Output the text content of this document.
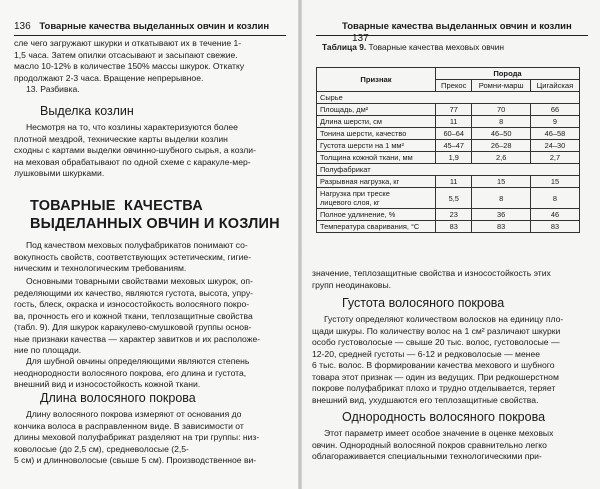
136 Товарные качества выделанных овчин и козлин
сле чего загружают шкурки и откатывают их в течение 1-
1,5 часа. Затем опилки отсасывают и засыпают свежие.
масло 10-12% в количестве 150% массы шкурок. Откатку
продолжают 2-3 часа. Вращение непрерывное.
13. Разбивка.
Выделка козлин
Несмотря на то, что козлины характеризуются более
плотной мездрой, технические карты выделки козлин
сходны с картами выделки овчинно-шубного сырья, а козли-
на меховая обрабатывают по одной схеме с каракуле-мер-
лушковыми шкурками.
ТОВАРНЫЕ  КАЧЕСТВА
ВЫДЕЛАННЫХ ОВЧИН И КОЗЛИН
Под качеством меховых полуфабрикатов понимают со-
вокупность свойств, соответствующих эстетическим, гигие-
ническим и технологическим требованиям.
Основными товарными свойствами меховых шкурок, оп-
ределяющими их качество, являются густота, высота, упру-
гость, блеск, окраска и износостойкость волосяного покро-
ва, прочность его и кожной ткани, теплозащитные свойства
(табл. 9). Для шкурок каракулево-смушковой группы основ-
ные признаки качества — характер завитков и их расположе-
ние по площади.
Для шубной овчины определяющими являются степень
неоднородности волосяного покрова, его длина и густота,
внешний вид и износостойкость кожной ткани.
Длина волосяного покрова
Длину волосяного покрова измеряют от основания до
кончика волоса в расправленном виде. В зависимости от
длины меховой полуфабрикат разделяют на три группы: низ-
коволосые (до 2,5 см), средневолосые (2,5-
5 см) и длинноволосые (свыше 5 см). Производственное ви-
Товарные качества выделанных овчин и козлин 137
Таблица 9. Товарные качества меховых овчин
Признак	Порода		
	Прекос	Ромни-марш	Цигайская
Сырье			
Площадь, дм²	77	70	66
Длина шерсти, см	11	8	9
Тонина шерсти, качество	60–64	46–50	46–58
Густота шерсти на 1 мм²	45–47	26–28	24–30
Толщина кожной ткани, мм	1,9	2,6	2,7
Полуфабрикат			
Разрывная нагрузка, кг	11	15	15
Нагрузка при треске
лицевого слоя, кг	5,5	8	8
Полное удлинение, %	23	36	46
Температура сваривания, °С	83	83	83
значение, теплозащитные свойства и износостойкость этих
групп неодинаковы.
Густота волосяного покрова
Густоту определяют количеством волосков на единицу пло-
щади шкуры. По количеству волос на 1 см² различают шкурки
особо густоволосые — свыше 20 тыс. волос, густоволосые —
12-20, средней густоты — 6-12 и редковолосые — менее
6 тыс. волос. В формировании качества мехового и шубного
товара этот признак — один из ведущих. При редкошерстном
покрове полуфабрикат плохо и трудно отделывается, теряет
внешний вид, ухудшаются его теплозащитные свойства.
Однородность волосяного покрова
Этот параметр имеет особое значение в оценке меховых
овчин. Однородный волосяной покров сравнительно легко
облагораживается специальными технологическими при-
